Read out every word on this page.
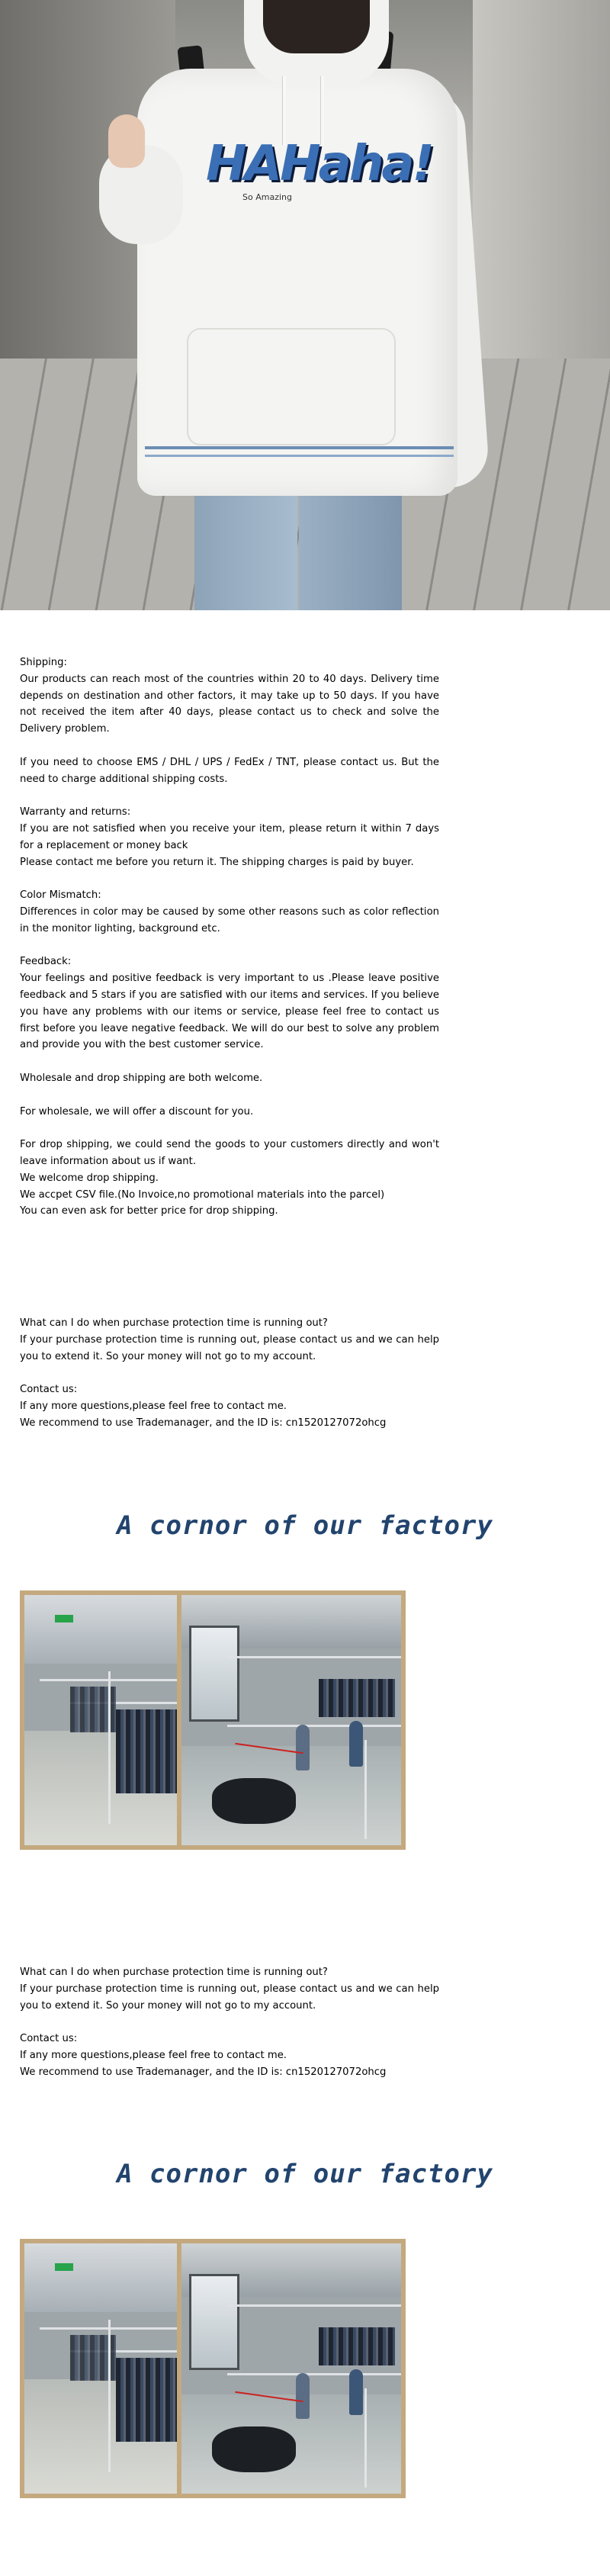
HAHaha!
So Amazing

Shipping:

Our products can reach most of the countries within 20 to 40 days. Delivery time depends on destination and other factors, it may take up to 50 days. If you have not received the item after 40 days, please contact us to check and solve the Delivery problem.

If you need to choose EMS / DHL / UPS / FedEx / TNT, please contact us. But the need to charge additional shipping costs.

Warranty and returns:

If you are not satisfied when you receive your item, please return it within 7 days for a replacement or money back

Please contact me before you return it. The shipping charges is paid by buyer.

Color Mismatch:

Differences in color may be caused by some other reasons such as color reflection in the monitor lighting, background etc.

Feedback:

Your feelings and positive feedback is very important to us .Please leave positive feedback and 5 stars if you are satisfied with our items and services. If you believe you have any problems with our items or service, please feel free to contact us first before you leave negative feedback. We will do our best to solve any problem and provide you with the best customer service.

Wholesale and drop shipping are both welcome.

For wholesale, we will offer a discount for you.

For drop shipping, we could send the goods to your customers directly and won't leave information about us if want.

We welcome drop shipping.

We accpet CSV file.(No Invoice,no promotional materials into the parcel)

You can even ask for better price for drop shipping.

What can I do when purchase protection time is running out?

If your purchase protection time is running out, please contact us and we can help you to extend it. So your money will not go to my account.

Contact us:

If any more questions,please feel free to contact me.

We recommend to use Trademanager, and the ID is: cn1520127072ohcg

A cornor of our factory

What can I do when purchase protection time is running out?

If your purchase protection time is running out, please contact us and we can help you to extend it. So your money will not go to my account.

Contact us:

If any more questions,please feel free to contact me.

We recommend to use Trademanager, and the ID is: cn1520127072ohcg

A cornor of our factory
